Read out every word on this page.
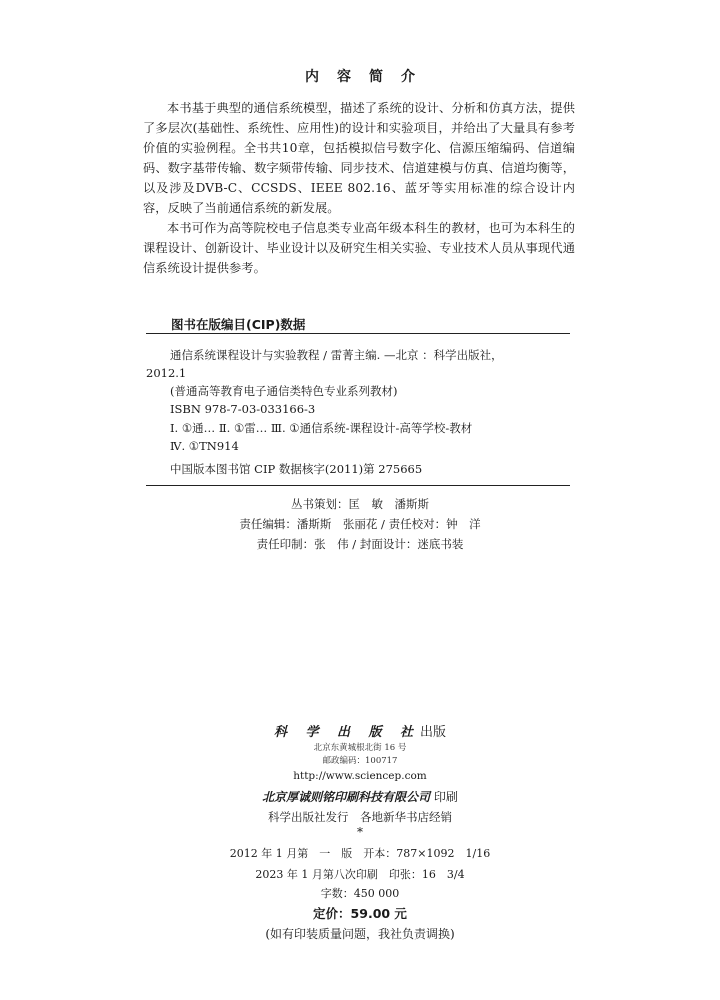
内容简介

本书基于典型的通信系统模型，描述了系统的设计、分析和仿真方法，提供了多层次(基础性、系统性、应用性)的设计和实验项目，并给出了大量具有参考价值的实验例程。全书共10章，包括模拟信号数字化、信源压缩编码、信道编码、数字基带传输、数字频带传输、同步技术、信道建模与仿真、信道均衡等，以及涉及DVB-C、CCSDS、IEEE 802.16、蓝牙等实用标准的综合设计内容，反映了当前通信系统的新发展。

本书可作为高等院校电子信息类专业高年级本科生的教材，也可为本科生的课程设计、创新设计、毕业设计以及研究生相关实验、专业技术人员从事现代通信系统设计提供参考。

图书在版编目(CIP)数据
通信系统课程设计与实验教程 / 雷菁主编. —北京 ：科学出版社，
2012.1
(普通高等教育电子通信类特色专业系列教材)
ISBN 978-7-03-033166-3
Ⅰ. ①通… Ⅱ. ①雷… Ⅲ. ①通信系统-课程设计-高等学校-教材
Ⅳ. ①TN914
中国版本图书馆 CIP 数据核字(2011)第 275665
丛书策划：匡　敏　潘斯斯
责任编辑：潘斯斯　张丽花 / 责任校对：钟　洋
责任印制：张　伟 / 封面设计：迷底书装
科 学 出 版 社出版
北京东黄城根北街 16 号
邮政编码：100717
http://www.sciencep.com
北京厚诚则铭印刷科技有限公司 印刷
科学出版社发行　各地新华书店经销
*
2012 年 1 月第　一　版　开本：787×1092　1/16
2023 年 1 月第八次印刷　印张：16　3/4
字数：450 000
定价：59.00 元
(如有印装质量问题，我社负责调换)
